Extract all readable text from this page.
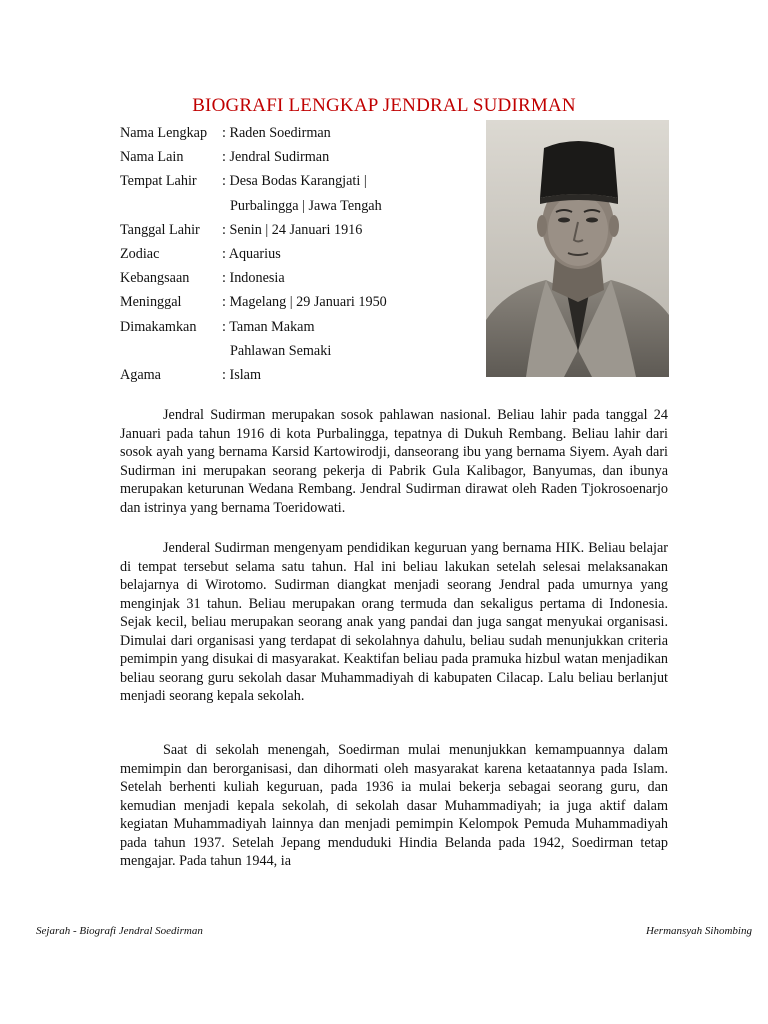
BIOGRAFI LENGKAP JENDRAL SUDIRMAN
Nama Lengkap : Raden Soedirman
Nama Lain	: Jendral Sudirman
Tempat Lahir : Desa Bodas Karangjati |
Purbalingga | Jawa Tengah
Tanggal Lahir : Senin | 24 Januari 1916
Zodiac	: Aquarius
Kebangsaan : Indonesia
Meninggal	: Magelang | 29 Januari 1950
Dimakamkan : Taman Makam
Pahlawan Semaki
Agama	: Islam

Jendral Sudirman merupakan sosok pahlawan nasional. Beliau lahir pada tanggal 24 Januari pada tahun 1916 di kota Purbalingga, tepatnya di Dukuh Rembang. Beliau lahir dari sosok ayah yang bernama Karsid Kartowirodji, danseorang ibu yang bernama Siyem. Ayah dari Sudirman ini merupakan seorang pekerja di Pabrik Gula Kalibagor, Banyumas, dan ibunya merupakan keturunan Wedana Rembang. Jendral Sudirman dirawat oleh Raden Tjokrosoenarjo dan istrinya yang bernama Toeridowati.

Jenderal Sudirman mengenyam pendidikan keguruan yang bernama HIK. Beliau belajar di tempat tersebut selama satu tahun. Hal ini beliau lakukan setelah selesai melaksanakan belajarnya di Wirotomo. Sudirman diangkat menjadi seorang Jendral pada umurnya yang menginjak 31 tahun. Beliau merupakan orang termuda dan sekaligus pertama di Indonesia. Sejak kecil, beliau merupakan seorang anak yang pandai dan juga sangat menyukai organisasi. Dimulai dari organisasi yang terdapat di sekolahnya dahulu, beliau sudah menunjukkan criteria pemimpin yang disukai di masyarakat. Keaktifan beliau pada pramuka hizbul watan menjadikan beliau seorang guru sekolah dasar Muhammadiyah di kabupaten Cilacap. Lalu beliau berlanjut menjadi seorang kepala sekolah.

Saat di sekolah menengah, Soedirman mulai menunjukkan kemampuannya dalam memimpin dan berorganisasi, dan dihormati oleh masyarakat karena ketaatannya pada Islam. Setelah berhenti kuliah keguruan, pada 1936 ia mulai bekerja sebagai seorang guru, dan kemudian menjadi kepala sekolah, di sekolah dasar Muhammadiyah; ia juga aktif dalam kegiatan Muhammadiyah lainnya dan menjadi pemimpin Kelompok Pemuda Muhammadiyah pada tahun 1937. Setelah Jepang menduduki Hindia Belanda pada 1942, Soedirman tetap mengajar. Pada tahun 1944, ia

Sejarah - Biografi Jendral Soedirman	Hermansyah Sihombing
